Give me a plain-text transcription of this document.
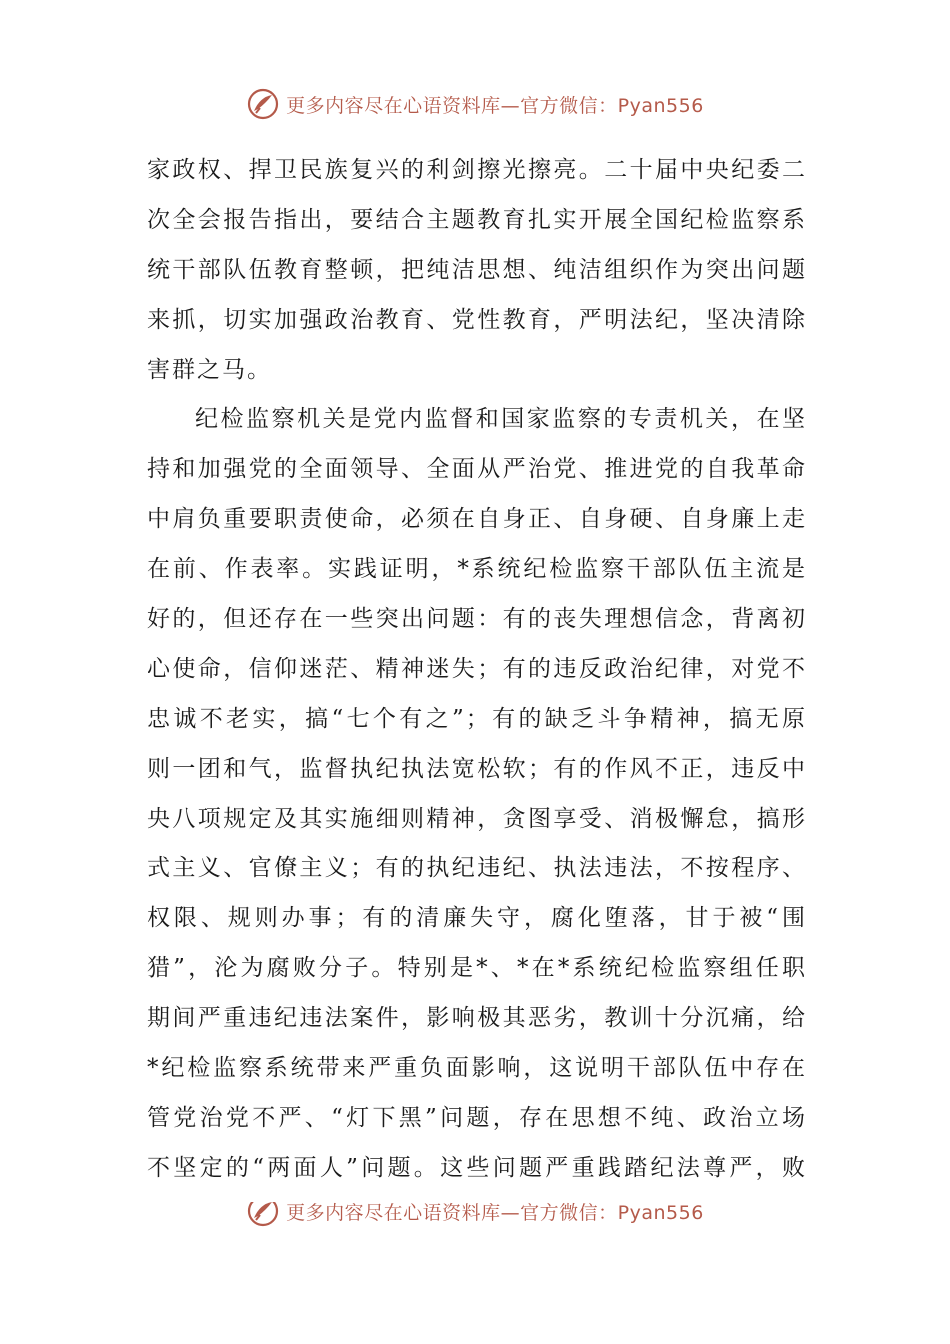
更多内容尽在心语资料库—官方微信：Pyan556
家政权、捍卫民族复兴的利剑擦光擦亮。二十届中央纪委二
次全会报告指出，要结合主题教育扎实开展全国纪检监察系
统干部队伍教育整顿，把纯洁思想、纯洁组织作为突出问题
来抓，切实加强政治教育、党性教育，严明法纪，坚决清除
害群之马。
纪检监察机关是党内监督和国家监察的专责机关，在坚
持和加强党的全面领导、全面从严治党、推进党的自我革命
中肩负重要职责使命，必须在自身正、自身硬、自身廉上走
在前、作表率。实践证明，*系统纪检监察干部队伍主流是
好的，但还存在一些突出问题：有的丧失理想信念，背离初
心使命，信仰迷茫、精神迷失；有的违反政治纪律，对党不
忠诚不老实，搞“七个有之”；有的缺乏斗争精神，搞无原
则一团和气，监督执纪执法宽松软；有的作风不正，违反中
央八项规定及其实施细则精神，贪图享受、消极懈怠，搞形
式主义、官僚主义；有的执纪违纪、执法违法，不按程序、
权限、规则办事；有的清廉失守，腐化堕落，甘于被“围
猎”，沦为腐败分子。特别是*、*在*系统纪检监察组任职
期间严重违纪违法案件，影响极其恶劣，教训十分沉痛，给
*纪检监察系统带来严重负面影响，这说明干部队伍中存在
管党治党不严、“灯下黑”问题，存在思想不纯、政治立场
不坚定的“两面人”问题。这些问题严重践踏纪法尊严，败
更多内容尽在心语资料库—官方微信：Pyan556
